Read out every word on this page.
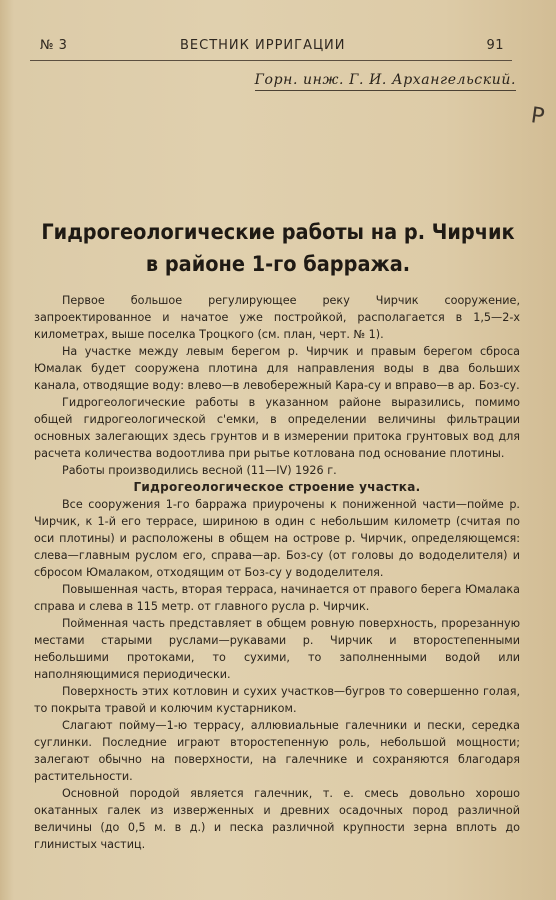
№ 3	ВЕСТНИК ИРРИГАЦИИ	91
Горн. инж. Г. И. Архангельский.
Р
Гидрогеологические работы на р. Чирчик
в районе 1-го барража.

Первое большое регулирующее реку Чирчик сооружение, запроектированное и начатое уже постройкой, располагается в 1,5—2-х километрах, выше поселка Троцкого (см. план, черт. № 1).

На участке между левым берегом р. Чирчик и правым берегом сброса Юмалак будет сооружена плотина для направления воды в два больших канала, отводящие воду: влево—в левобережный Кара-су и вправо—в ар. Боз-су.

Гидрогеологические работы в указанном районе выразились, помимо общей гидрогеологической с'емки, в определении величины фильтрации основных залегающих здесь грунтов и в измерении притока грунтовых вод для расчета количества водоотлива при рытье котлована под основание плотины.

Работы производились весной (11—IV) 1926 г.

Гидрогеологическое строение участка.

Все сооружения 1-го барража приурочены к пониженной части—пойме р. Чирчик, к 1-й его террасе, шириною в один с небольшим километр (считая по оси плотины) и расположены в общем на острове р. Чирчик, определяющемся: слева—главным руслом его, справа—ар. Боз-су (от головы до вододелителя) и сбросом Юмалаком, отходящим от Боз-су у вододелителя.

Повышенная часть, вторая терраса, начинается от правого берега Юмалака справа и слева в 115 метр. от главного русла р. Чирчик.

Пойменная часть представляет в общем ровную поверхность, прорезанную местами старыми руслами—рукавами р. Чирчик и второстепенными небольшими протоками, то сухими, то заполненными водой или наполняющимися периодически.

Поверхность этих котловин и сухих участков—бугров то совершенно голая, то покрыта травой и колючим кустарником.

Слагают пойму—1-ю террасу, аллювиальные галечники и пески, середка суглинки. Последние играют второстепенную роль, небольшой мощности; залегают обычно на поверхности, на галечнике и сохраняются благодаря растительности.

Основной породой является галечник, т. е. смесь довольно хорошо окатанных галек из изверженных и древних осадочных пород различной величины (до 0,5 м. в д.) и песка различной крупности зерна вплоть до глинистых частиц.
